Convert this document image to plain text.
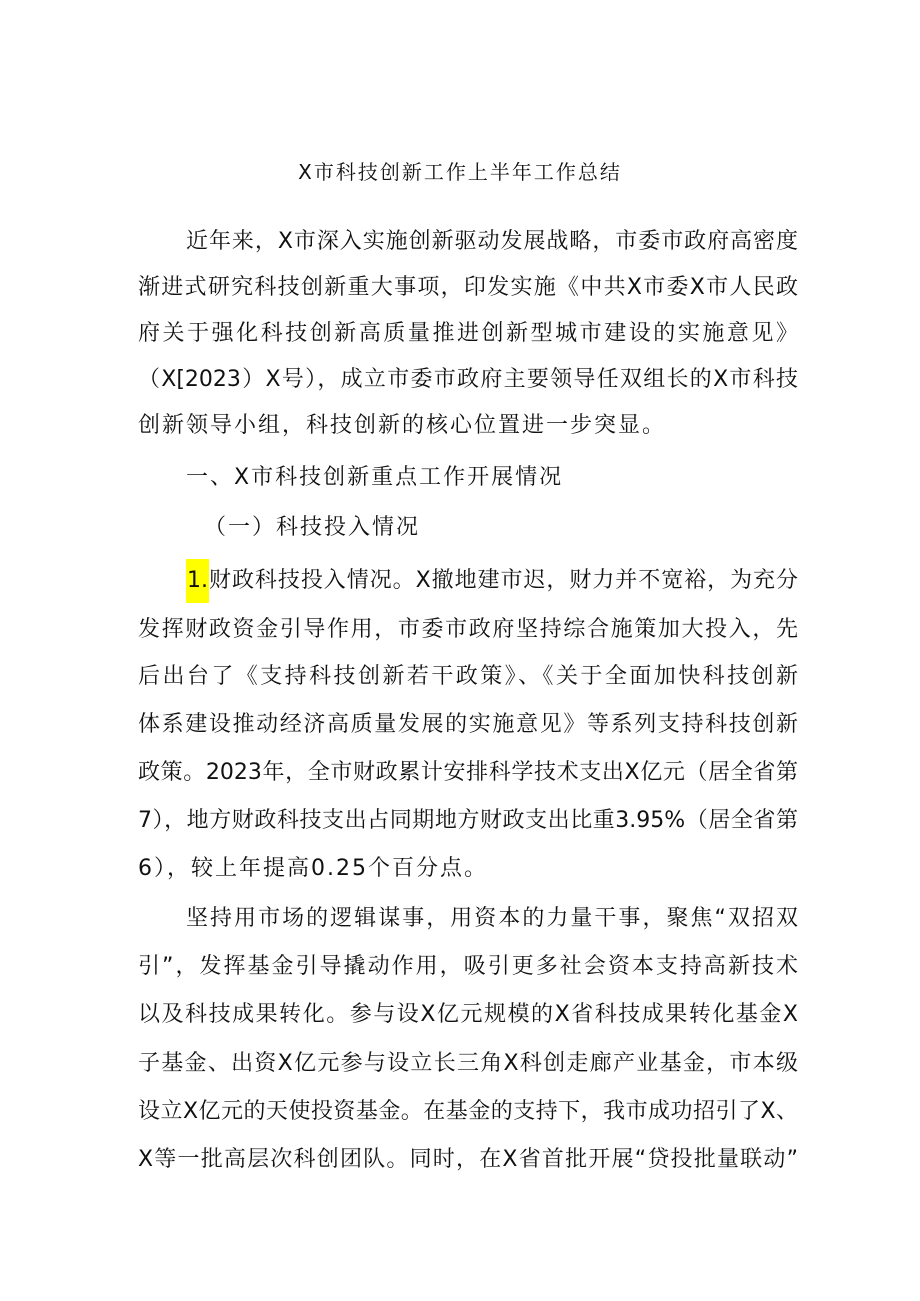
X市科技创新工作上半年工作总结
近年来，X市深入实施创新驱动发展战略，市委市政府高密度
渐进式研究科技创新重大事项，印发实施《中共X市委X市人民政
府关于强化科技创新高质量推进创新型城市建设的实施意见》
（X[2023）X号），成立市委市政府主要领导任双组长的X市科技
创新领导小组，科技创新的核心位置进一步突显。
一、X市科技创新重点工作开展情况
（一）科技投入情况
1. 财政科技投入情况。X撤地建市迟，财力并不宽裕，为充分
发挥财政资金引导作用，市委市政府坚持综合施策加大投入，先
后出台了《支持科技创新若干政策》、《关于全面加快科技创新
体系建设推动经济高质量发展的实施意见》等系列支持科技创新
政策。2023年，全市财政累计安排科学技术支出X亿元（居全省第
7），地方财政科技支出占同期地方财政支出比重3.95%（居全省第
6），较上年提高0.25个百分点。
坚持用市场的逻辑谋事，用资本的力量干事，聚焦“双招双
引”，发挥基金引导撬动作用，吸引更多社会资本支持高新技术
以及科技成果转化。参与设X亿元规模的X省科技成果转化基金X
子基金、出资X亿元参与设立长三角X科创走廊产业基金，市本级
设立X亿元的天使投资基金。在基金的支持下，我市成功招引了X、
X等一批高层次科创团队。同时，在X省首批开展“贷投批量联动”
